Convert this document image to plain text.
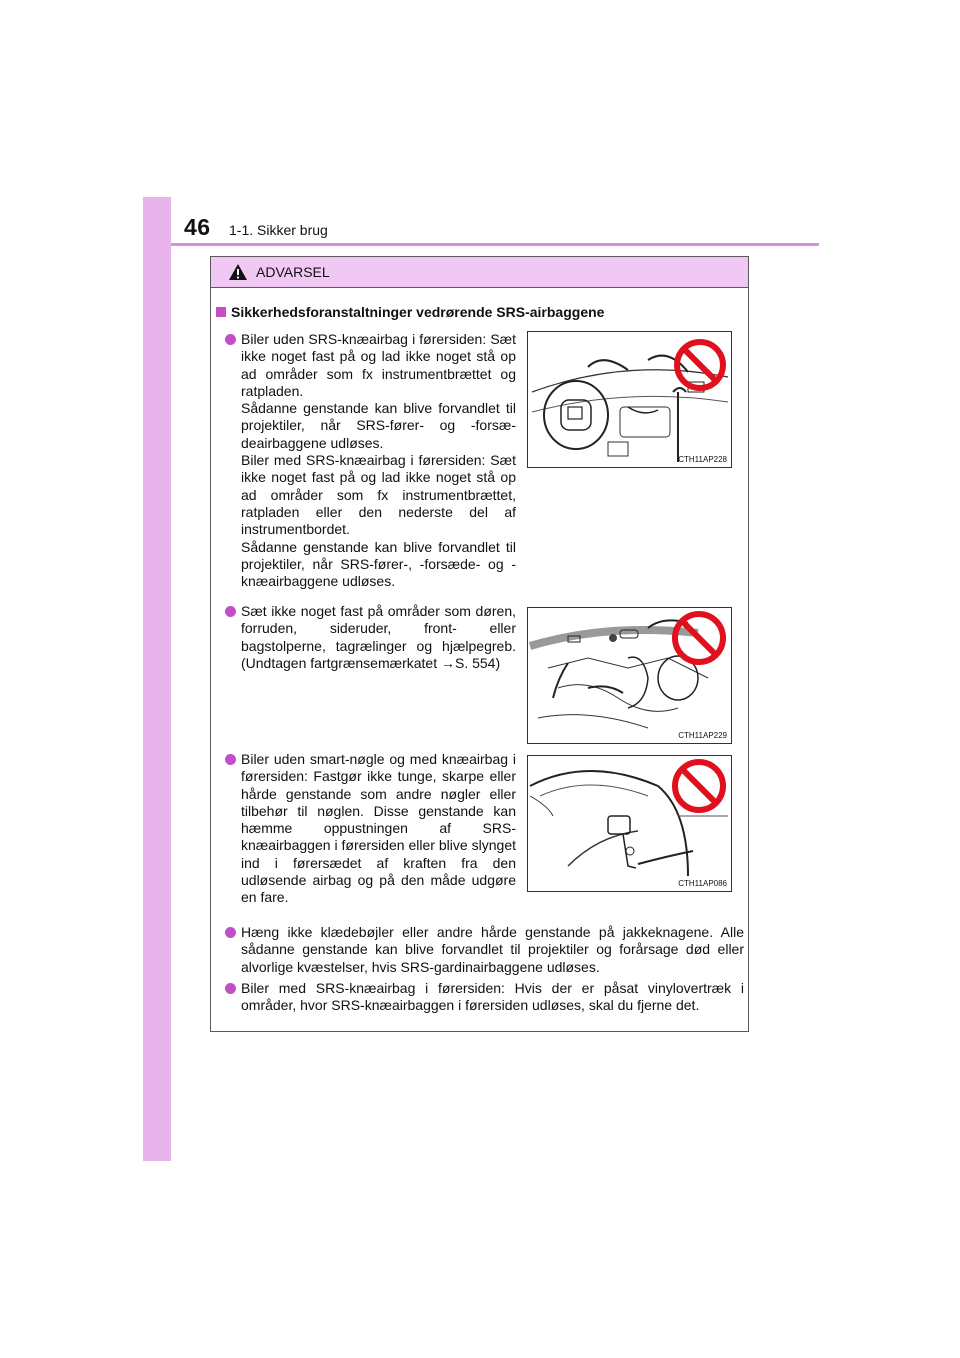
46 1-1. Sikker brug
ADVARSEL
Sikkerhedsforanstaltninger vedrørende SRS-airbaggene
Biler uden SRS-knæairbag i førersiden: Sæt ikke noget fast på og lad ikke noget stå op ad områder som fx instrumentbrættet og ratpladen.
Sådanne genstande kan blive forvandlet til projektiler, når SRS-fører- og -forsædeairbaggene udløses.
Biler med SRS-knæairbag i førersiden: Sæt ikke noget fast på og lad ikke noget stå op ad områder som fx instrumentbrættet, ratpladen eller den nederste del af instrumentbordet.
Sådanne genstande kan blive forvandlet til projektiler, når SRS-fører-, -forsæde- og -knæairbaggene udløses.
CTH11AP228
Sæt ikke noget fast på områder som døren, forruden, sideruder, front- eller bagstolperne, tagrælinger og hjælpegreb. (Undtagen fartgrænsemærkatet →S. 554)
CTH11AP229
Biler uden smart-nøgle og med knæairbag i førersiden: Fastgør ikke tunge, skarpe eller hårde genstande som andre nøgler eller tilbehør til nøglen. Disse genstande kan hæmme oppustningen af SRS-knæairbaggen i førersiden eller blive slynget ind i førersædet af kraften fra den udløsende airbag og på den måde udgøre en fare.
CTH11AP086
Hæng ikke klædebøjler eller andre hårde genstande på jakkeknagene. Alle sådanne genstande kan blive forvandlet til projektiler og forårsage død eller alvorlige kvæstelser, hvis SRS-gardinairbaggene udløses.
Biler med SRS-knæairbag i førersiden: Hvis der er påsat vinylovertræk i områder, hvor SRS-knæairbaggen i førersiden udløses, skal du fjerne det.
